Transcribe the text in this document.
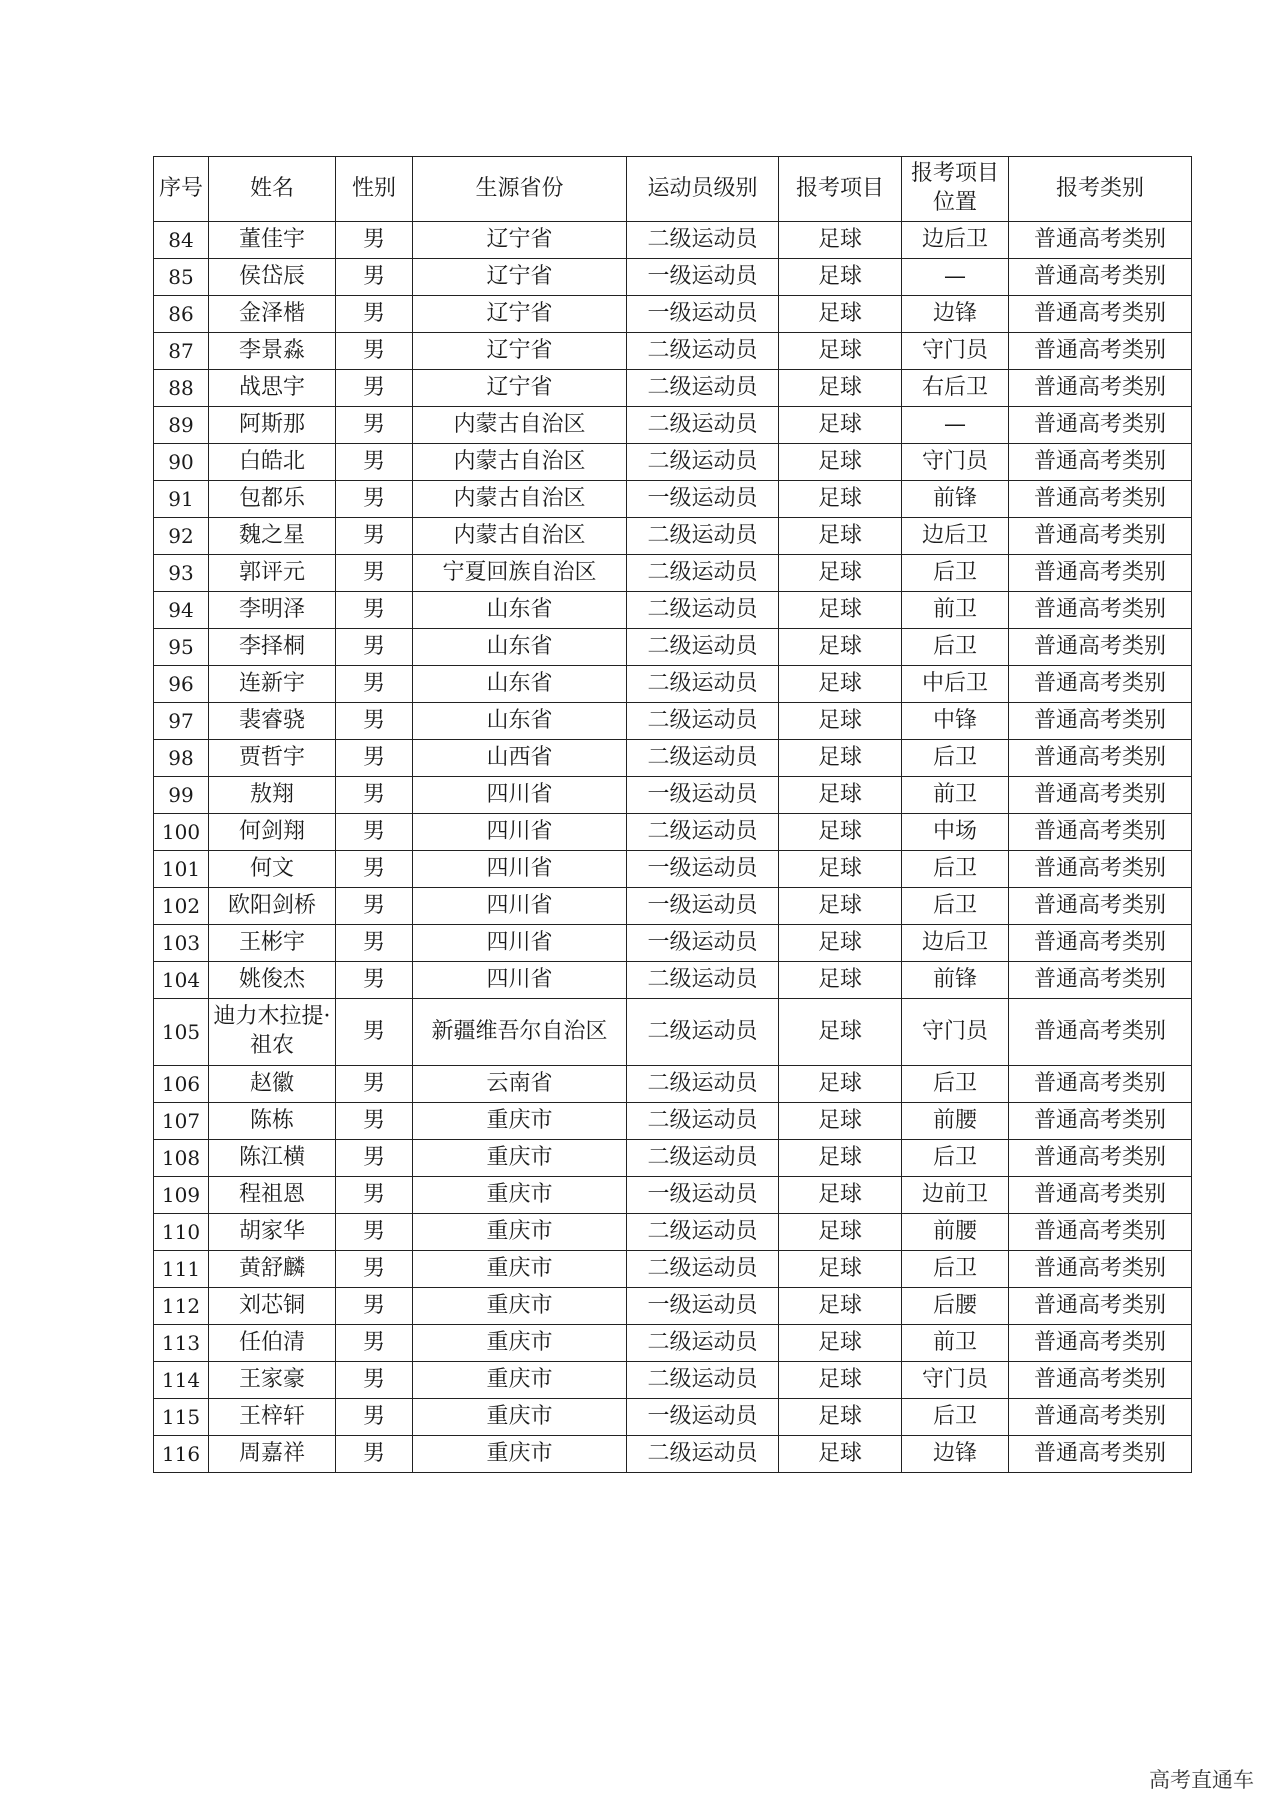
序号	姓名	性别	生源省份	运动员级别	报考项目	报考项目位置	报考类别
84	董佳宇	男	辽宁省	二级运动员	足球	边后卫	普通高考类别
85	侯岱辰	男	辽宁省	一级运动员	足球	—	普通高考类别
86	金泽楷	男	辽宁省	一级运动员	足球	边锋	普通高考类别
87	李景淼	男	辽宁省	二级运动员	足球	守门员	普通高考类别
88	战思宇	男	辽宁省	二级运动员	足球	右后卫	普通高考类别
89	阿斯那	男	内蒙古自治区	二级运动员	足球	—	普通高考类别
90	白皓北	男	内蒙古自治区	二级运动员	足球	守门员	普通高考类别
91	包都乐	男	内蒙古自治区	一级运动员	足球	前锋	普通高考类别
92	魏之星	男	内蒙古自治区	二级运动员	足球	边后卫	普通高考类别
93	郭评元	男	宁夏回族自治区	二级运动员	足球	后卫	普通高考类别
94	李明泽	男	山东省	二级运动员	足球	前卫	普通高考类别
95	李择桐	男	山东省	二级运动员	足球	后卫	普通高考类别
96	连新宇	男	山东省	二级运动员	足球	中后卫	普通高考类别
97	裴睿骁	男	山东省	二级运动员	足球	中锋	普通高考类别
98	贾哲宇	男	山西省	二级运动员	足球	后卫	普通高考类别
99	敖翔	男	四川省	一级运动员	足球	前卫	普通高考类别
100	何剑翔	男	四川省	二级运动员	足球	中场	普通高考类别
101	何文	男	四川省	一级运动员	足球	后卫	普通高考类别
102	欧阳剑桥	男	四川省	一级运动员	足球	后卫	普通高考类别
103	王彬宇	男	四川省	一级运动员	足球	边后卫	普通高考类别
104	姚俊杰	男	四川省	二级运动员	足球	前锋	普通高考类别
105	迪力木拉提·祖农	男	新疆维吾尔自治区	二级运动员	足球	守门员	普通高考类别
106	赵徽	男	云南省	二级运动员	足球	后卫	普通高考类别
107	陈栋	男	重庆市	二级运动员	足球	前腰	普通高考类别
108	陈江横	男	重庆市	二级运动员	足球	后卫	普通高考类别
109	程祖恩	男	重庆市	一级运动员	足球	边前卫	普通高考类别
110	胡家华	男	重庆市	二级运动员	足球	前腰	普通高考类别
111	黄舒麟	男	重庆市	二级运动员	足球	后卫	普通高考类别
112	刘芯铜	男	重庆市	一级运动员	足球	后腰	普通高考类别
113	任伯清	男	重庆市	二级运动员	足球	前卫	普通高考类别
114	王家豪	男	重庆市	二级运动员	足球	守门员	普通高考类别
115	王梓轩	男	重庆市	一级运动员	足球	后卫	普通高考类别
116	周嘉祥	男	重庆市	二级运动员	足球	边锋	普通高考类别
高考直通车
